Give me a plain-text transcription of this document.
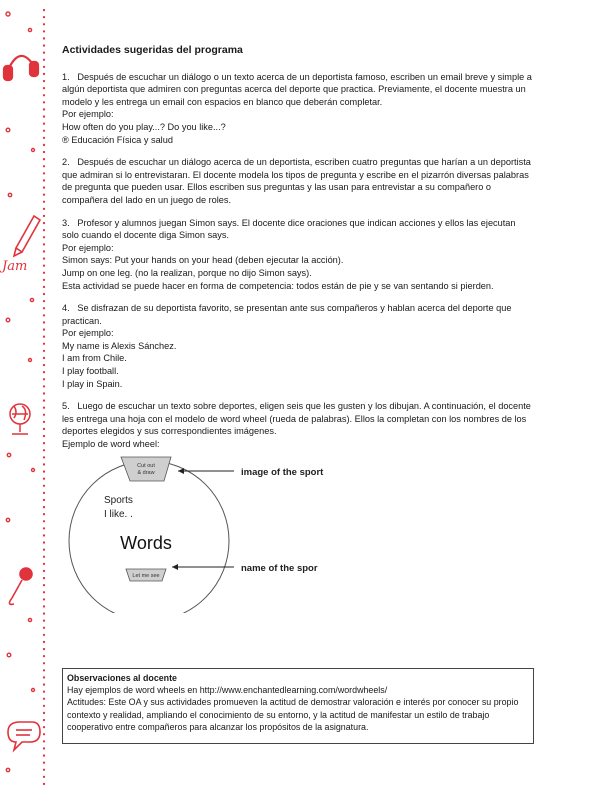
Jam
Actividades sugeridas del programa

1. Después de escuchar un diálogo o un texto acerca de un deportista famoso, escriben un email breve y simple a algún deportista que admiren con preguntas acerca del deporte que practica. Previamente, el docente muestra un modelo y les entrega un email con espacios en blanco que deberán completar.

Por ejemplo:

How often do you play...? Do you like...?

® Educación Física y salud

2. Después de escuchar un diálogo acerca de un deportista, escriben cuatro preguntas que harían a un deportista que admiran si lo entrevistaran. El docente modela los tipos de pregunta y escribe en el pizarrón diversas palabras de pregunta que pueden usar. Ellos escriben sus preguntas y las usan para entrevistar a su compañero o compañera del lado en un juego de roles.

3. Profesor y alumnos juegan Simon says. El docente dice oraciones que indican acciones y ellos las ejecutan solo cuando el docente diga Simon says.

Por ejemplo:

Simon says: Put your hands on your head (deben ejecutar la acción).

Jump on one leg. (no la realizan, porque no dijo Simon says).

Esta actividad se puede hacer en forma de competencia: todos están de pie y se van sentando si pierden.

4. Se disfrazan de su deportista favorito, se presentan ante sus compañeros y hablan acerca del deporte que practican.

Por ejemplo:

My name is Alexis Sánchez.

I am from Chile.

I play football.

I play in Spain.

5. Luego de escuchar un texto sobre deportes, eligen seis que les gusten y los dibujan. A continuación, el docente les entrega una hoja con el modelo de word wheel (rueda de palabras). Ellos la completan con los nombres de los deportes elegidos y sus correspondientes imágenes.

Ejemplo de word wheel:

Cut out
& draw
Let me see
Sports
I like. .
Words
image of the sport
name of the spor

Observaciones al docente

Hay ejemplos de word wheels en http://www.enchantedlearning.com/wordwheels/

Actitudes: Este OA y sus actividades promueven la actitud de demostrar valoración e interés por conocer su propio contexto y realidad, ampliando el conocimiento de su entorno, y la actitud de manifestar un estilo de trabajo cooperativo entre compañeros para alcanzar los propósitos de la asignatura.
